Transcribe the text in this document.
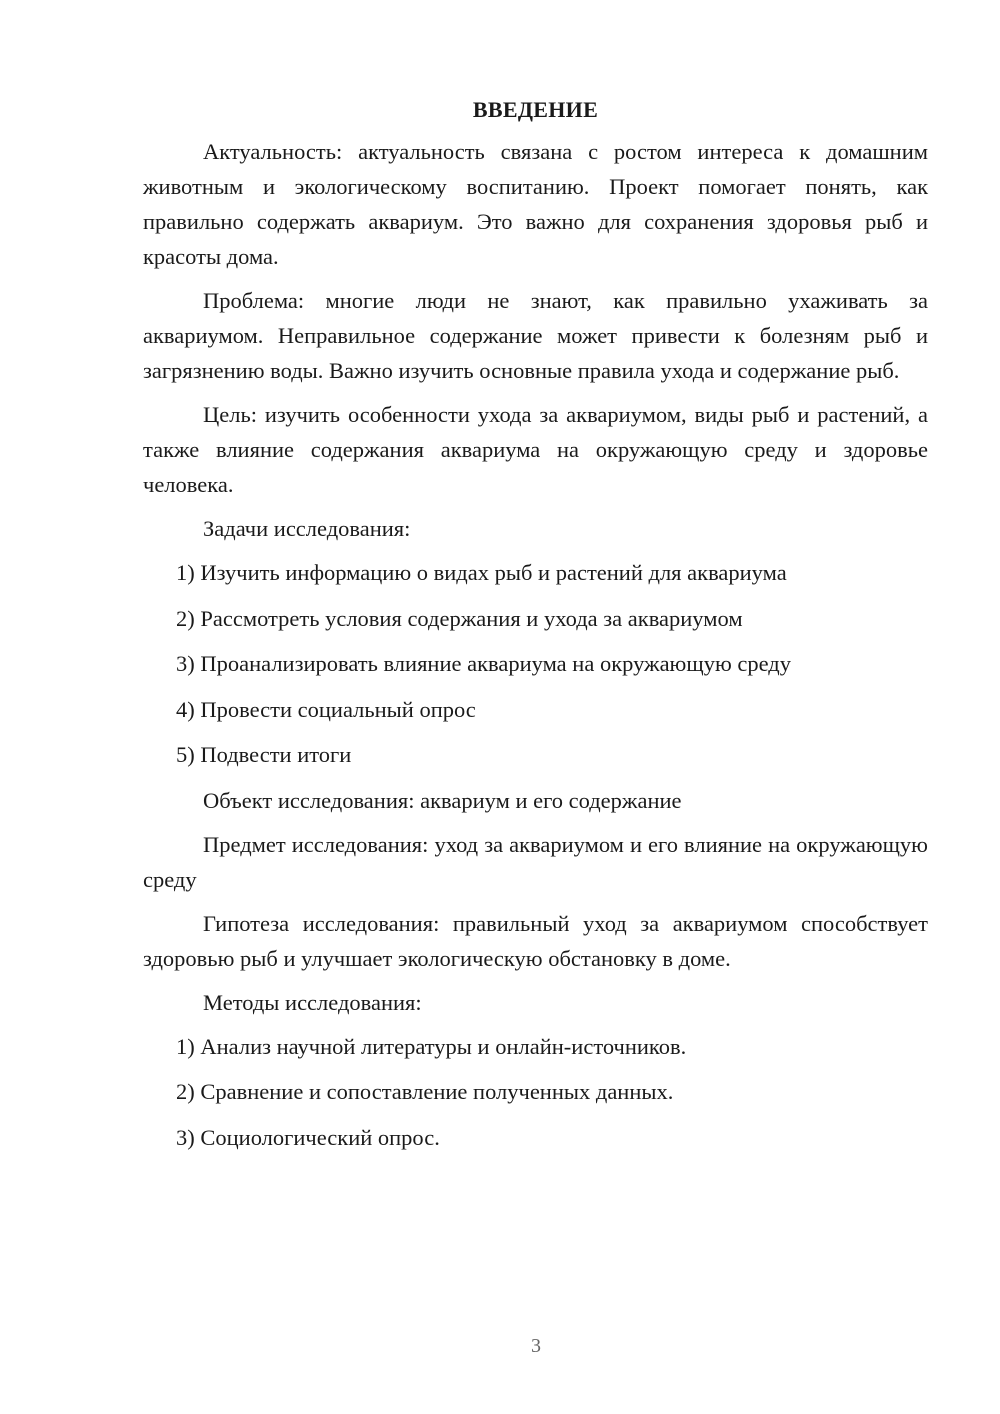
ВВЕДЕНИЕ

Актуальность: актуальность связана с ростом интереса к домашним животным и экологическому воспитанию. Проект помогает понять, как правильно содержать аквариум. Это важно для сохранения здоровья рыб и красоты дома.

Проблема: многие люди не знают, как правильно ухаживать за аквариумом. Неправильное содержание может привести к болезням рыб и загрязнению воды. Важно изучить основные правила ухода и содержание рыб.

Цель: изучить особенности ухода за аквариумом, виды рыб и растений, а также влияние содержания аквариума на окружающую среду и здоровье человека.

Задачи исследования:
1) Изучить информацию о видах рыб и растений для аквариума
2) Рассмотреть условия содержания и ухода за аквариумом
3) Проанализировать влияние аквариума на окружающую среду
4) Провести социальный опрос
5) Подвести итоги

Объект исследования: аквариум и его содержание

Предмет исследования: уход за аквариумом и его влияние на окружающую среду

Гипотеза исследования: правильный уход за аквариумом способствует здоровью рыб и улучшает экологическую обстановку в доме.

Методы исследования:
1) Анализ научной литературы и онлайн-источников.
2) Сравнение и сопоставление полученных данных.
3) Социологический опрос.
3
